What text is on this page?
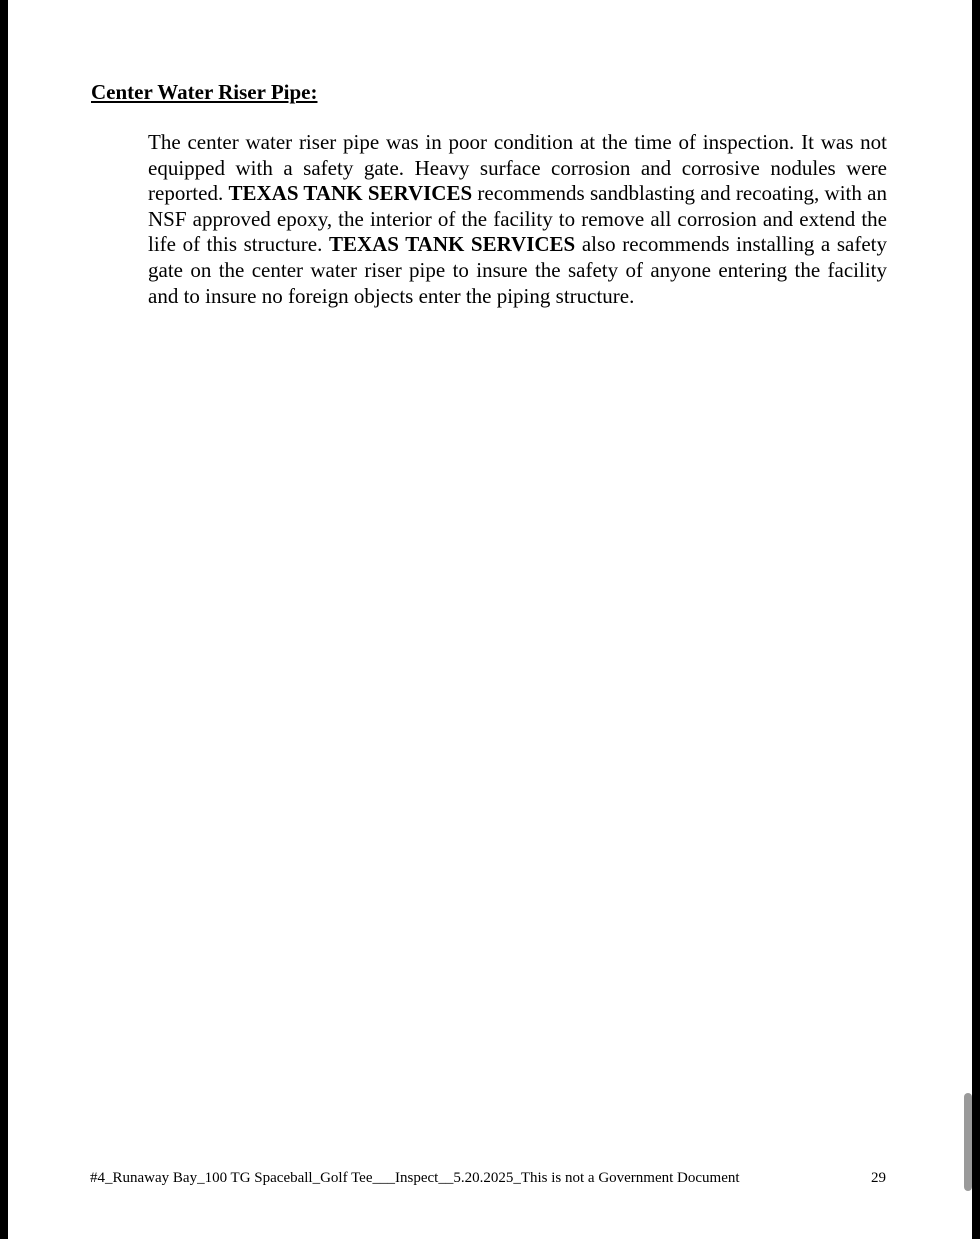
Center Water Riser Pipe:

The center water riser pipe was in poor condition at the time of inspection. It was not equipped with a safety gate. Heavy surface corrosion and corrosive nodules were reported. TEXAS TANK SERVICES recommends sandblasting and recoating, with an NSF approved epoxy, the interior of the facility to remove all corrosion and extend the life of this structure. TEXAS TANK SERVICES also recommends installing a safety gate on the center water riser pipe to insure the safety of anyone entering the facility and to insure no foreign objects enter the piping structure.

#4_Runaway Bay_100 TG Spaceball_Golf Tee___Inspect__5.20.2025_This is not a Government Document	29
